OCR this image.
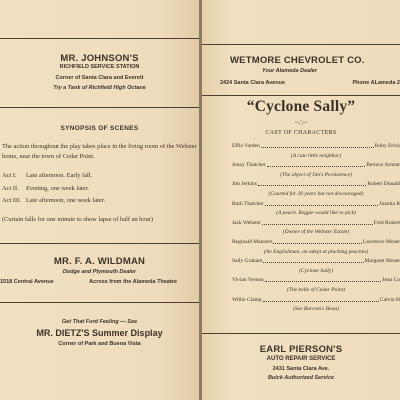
MR. JOHNSON'S
RICHFIELD SERVICE STATION
Corner of Santa Clara and Everett
Try a Tank of Richfield High Octane
SYNOPSIS OF SCENES
The action throughout the play takes place in the living room of the Webster home, near the town of Cedar Point.
Act I. Late afternoon. Early fall.
Act II. Evening, one week later.
Act III. Late afternoon, one week later.
(Curtain falls for one minute to show lapse of half an hour)
MR. F. A. WILDMAN
Dodge and Plymouth Dealer
1518 Central Avenue	Across from the Alameda Theatre
Get That Ford Feeling — See
MR. DIETZ'S Summer Display
Corner of Park and Buena Vista
WETMORE CHEVROLET CO.
Your Alameda Dealer
2424 Santa Clara Avenue	Phone ALameda 2
“Cyclone Sally”
~∴~
CAST OF CHARACTERS
Effie Varden	Ruby Erick
(A cute little neighbor)
Jenny Thatcher	Bernice Armstr
(The object of Jim's Persistence)
Jim Jerkins	Robert Donald
(Courted for 20 years but not discouraged)
Ruth Thatcher	Juanita R
(A peach. Reggie would like to pick)
Jack Webster	Fred Robert
(Owner of the Webster Estate)
Reginald Manners	Lawrence Moser
(An Englishman, an adept at plucking peaches)
Sally Graham	Margaret Moser
(Cyclone Sally)
Vivian Vernon	Jean Co
(The belle of Cedar Point)
Willie Clamp	Calvin H
(See Barcom's Beau)
EARL PIERSON'S
AUTO REPAIR SERVICE
2431 Santa Clara Ave.
Buick Authorized Service
